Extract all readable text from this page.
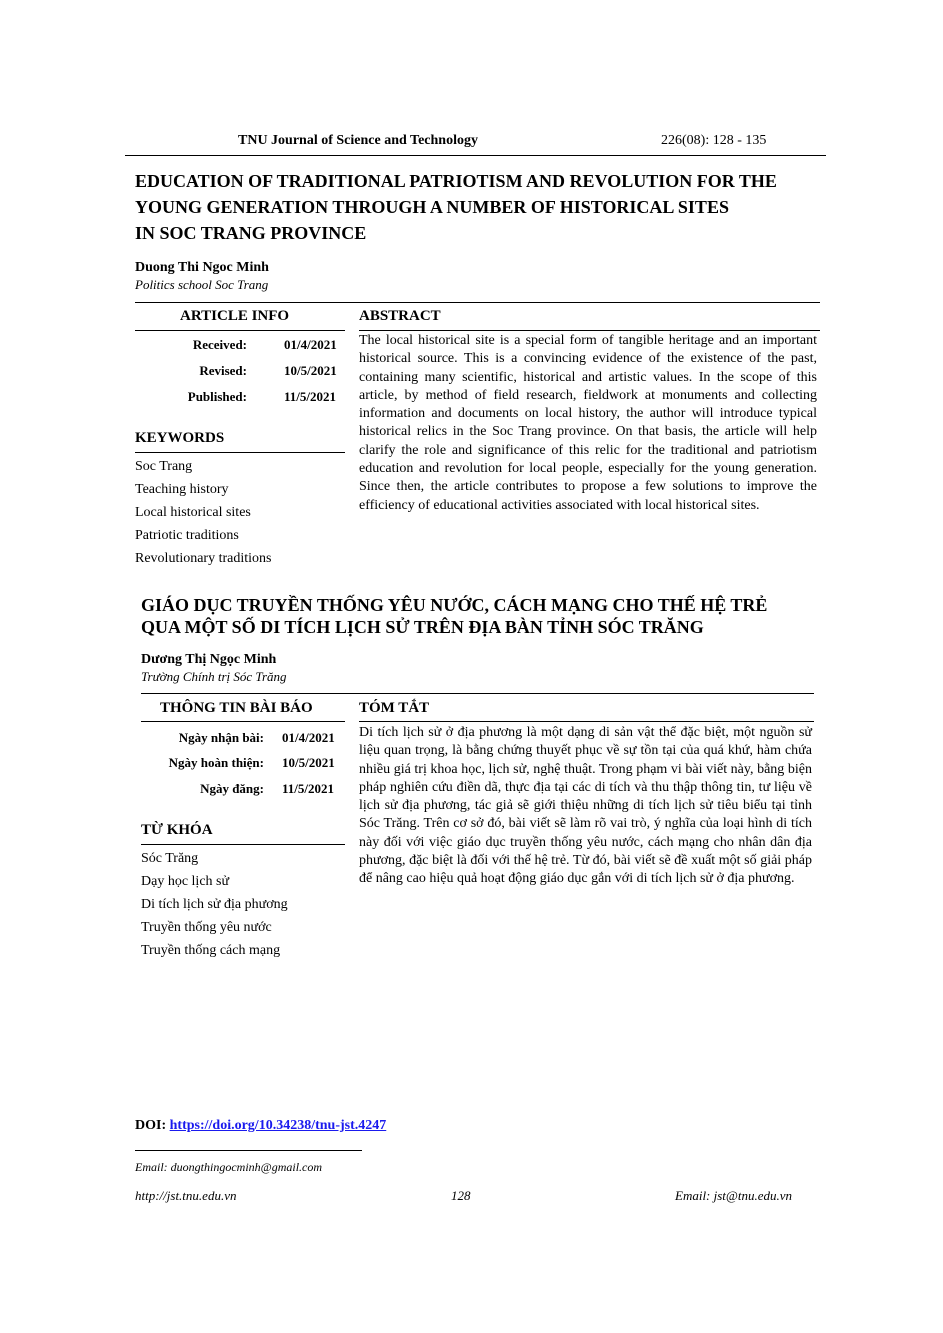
TNU Journal of Science and Technology	226(08): 128 - 135
EDUCATION OF TRADITIONAL PATRIOTISM AND REVOLUTION FOR THE
YOUNG GENERATION THROUGH A NUMBER OF HISTORICAL SITES
IN SOC TRANG PROVINCE
Duong Thi Ngoc Minh
Politics school Soc Trang
ARTICLE INFO	ABSTRACT
Received:	01/4/2021
Revised:	10/5/2021
Published:	11/5/2021
KEYWORDS
Soc Trang
Teaching history
Local historical sites
Patriotic traditions
Revolutionary traditions
The local historical site is a special form of tangible heritage and an important historical source. This is a convincing evidence of the existence of the past, containing many scientific, historical and artistic values. In the scope of this article, by method of field research, fieldwork at monuments and collecting information and documents on local history, the author will introduce typical historical relics in the Soc Trang province. On that basis, the article will help clarify the role and significance of this relic for the traditional and patriotism education and revolution for local people, especially for the young generation. Since then, the article contributes to propose a few solutions to improve the efficiency of educational activities associated with local historical sites.
GIÁO DỤC TRUYỀN THỐNG YÊU NƯỚC, CÁCH MẠNG CHO THẾ HỆ TRẺ
QUA MỘT SỐ DI TÍCH LỊCH SỬ TRÊN ĐỊA BÀN TỈNH SÓC TRĂNG
Dương Thị Ngọc Minh
Trường Chính trị Sóc Trăng
THÔNG TIN BÀI BÁO	TÓM TẮT
Ngày nhận bài: 01/4/2021
Ngày hoàn thiện: 10/5/2021
Ngày đăng: 11/5/2021
TỪ KHÓA
Sóc Trăng
Dạy học lịch sử
Di tích lịch sử địa phương
Truyền thống yêu nước
Truyền thống cách mạng
Di tích lịch sử ở địa phương là một dạng di sản vật thể đặc biệt, một nguồn sử liệu quan trọng, là bằng chứng thuyết phục về sự tồn tại của quá khứ, hàm chứa nhiều giá trị khoa học, lịch sử, nghệ thuật. Trong phạm vi bài viết này, bằng biện pháp nghiên cứu điền dã, thực địa tại các di tích và thu thập thông tin, tư liệu về lịch sử địa phương, tác giả sẽ giới thiệu những di tích lịch sử tiêu biểu tại tỉnh Sóc Trăng. Trên cơ sở đó, bài viết sẽ làm rõ vai trò, ý nghĩa của loại hình di tích này đối với việc giáo dục truyền thống yêu nước, cách mạng cho nhân dân địa phương, đặc biệt là đối với thế hệ trẻ. Từ đó, bài viết sẽ đề xuất một số giải pháp để nâng cao hiệu quả hoạt động giáo dục gắn với di tích lịch sử ở địa phương.
DOI: https://doi.org/10.34238/tnu-jst.4247
Email: duongthingocminh@gmail.com
http://jst.tnu.edu.vn	128	Email: jst@tnu.edu.vn
